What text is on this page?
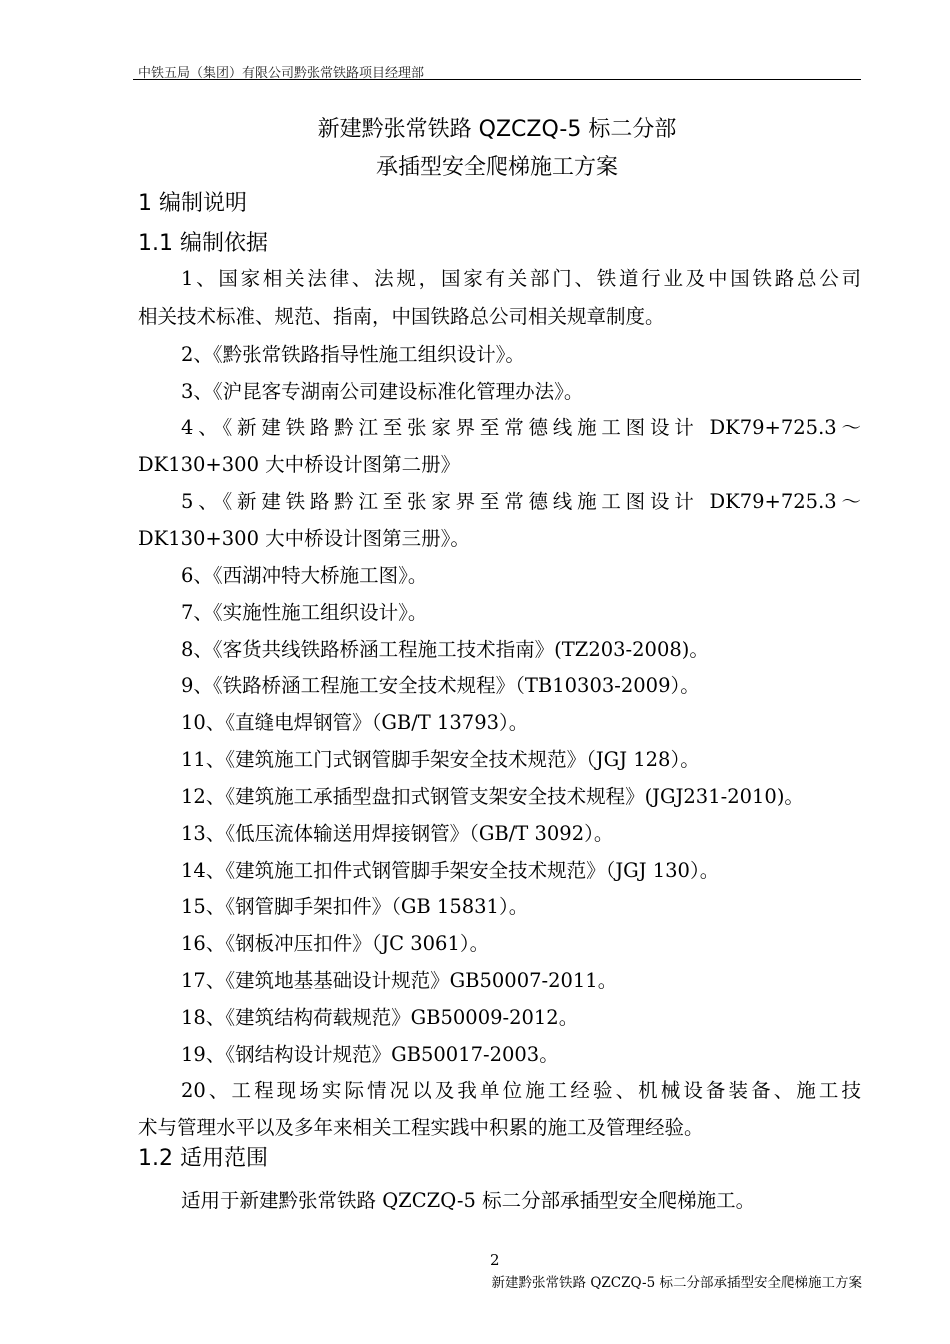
中铁五局（集团）有限公司黔张常铁路项目经理部
新建黔张常铁路 QZCZQ-5 标二分部
承插型安全爬梯施工方案
1 编制说明
1.1 编制依据
1、国家相关法律、法规，国家有关部门、铁道行业及中国铁路总公司
相关技术标准、规范、指南，中国铁路总公司相关规章制度。
2、《黔张常铁路指导性施工组织设计》。
3、《沪昆客专湖南公司建设标准化管理办法》。
4、《新建铁路黔江至张家界至常德线施工图设计 DK79+725.3～
DK130+300 大中桥设计图第二册》
5、《新建铁路黔江至张家界至常德线施工图设计 DK79+725.3～
DK130+300 大中桥设计图第三册》。
6、《西湖冲特大桥施工图》。
7、《实施性施工组织设计》。
8、《客货共线铁路桥涵工程施工技术指南》(TZ203-2008)。
9、《铁路桥涵工程施工安全技术规程》（TB10303-2009）。
10、《直缝电焊钢管》（GB/T 13793）。
11、《建筑施工门式钢管脚手架安全技术规范》（JGJ 128）。
12、《建筑施工承插型盘扣式钢管支架安全技术规程》(JGJ231-2010)。
13、《低压流体输送用焊接钢管》（GB/T 3092）。
14、《建筑施工扣件式钢管脚手架安全技术规范》（JGJ 130）。
15、《钢管脚手架扣件》（GB 15831）。
16、《钢板冲压扣件》（JC 3061）。
17、《建筑地基基础设计规范》GB50007-2011。
18、《建筑结构荷载规范》GB50009-2012。
19、《钢结构设计规范》GB50017-2003。
20、工程现场实际情况以及我单位施工经验、机械设备装备、施工技
术与管理水平以及多年来相关工程实践中积累的施工及管理经验。
1.2 适用范围
适用于新建黔张常铁路 QZCZQ-5 标二分部承插型安全爬梯施工。
2
新建黔张常铁路 QZCZQ-5 标二分部承插型安全爬梯施工方案
